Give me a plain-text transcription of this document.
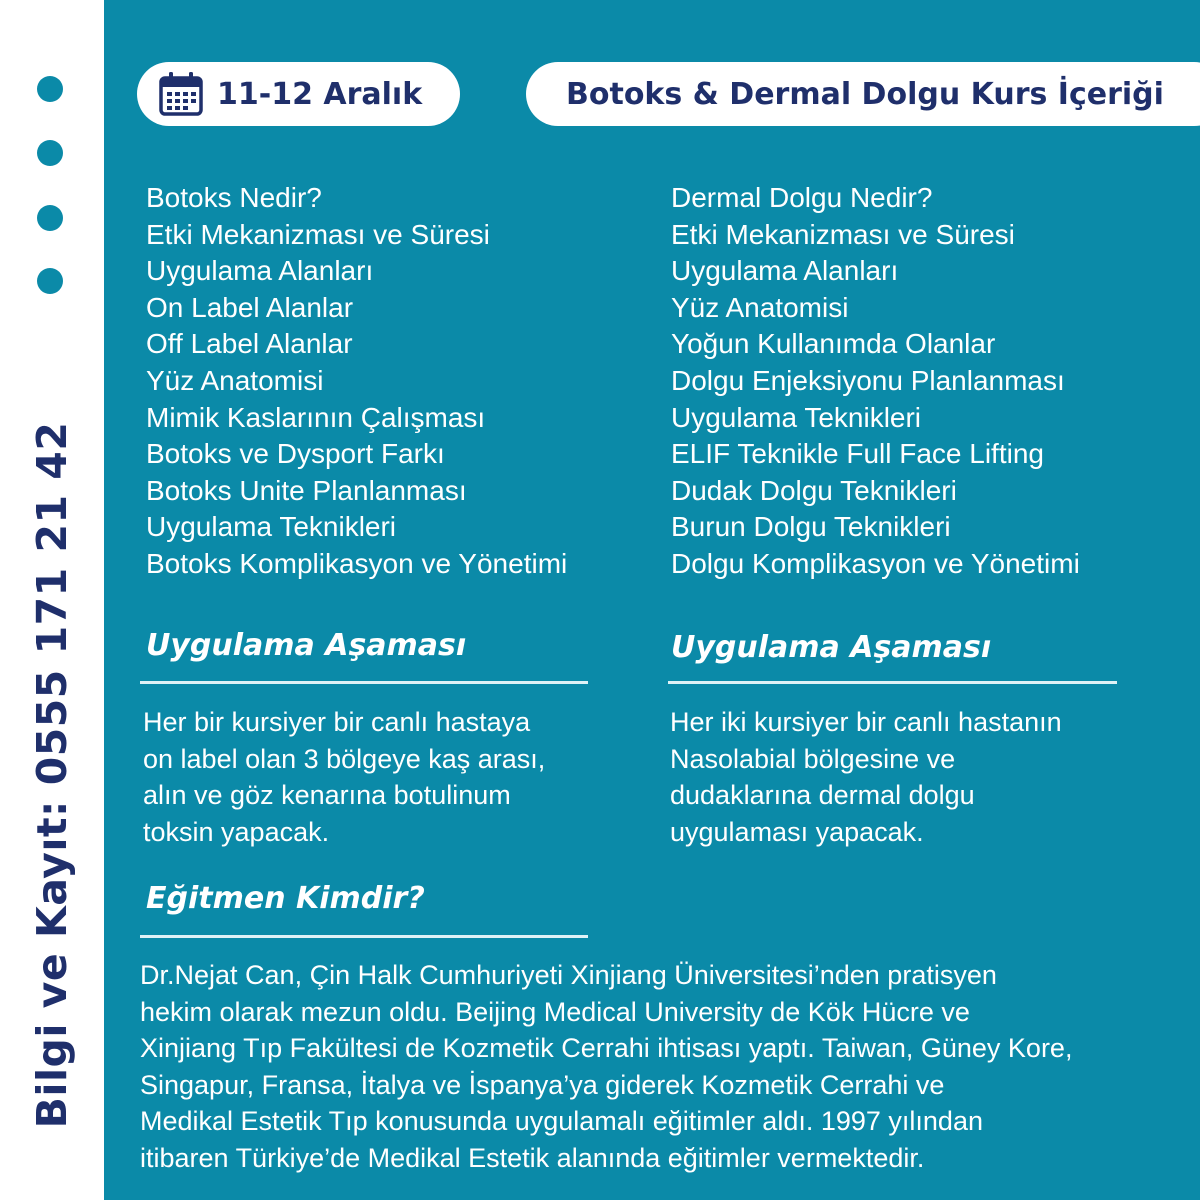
Bilgi ve Kayıt: 0555 171 21 42
11-12 Aralık	Botoks & Dermal Dolgu Kurs İçeriği
Botoks Nedir?
Etki Mekanizması ve Süresi
Uygulama Alanları
On Label Alanlar
Off Label Alanlar
Yüz Anatomisi
Mimik Kaslarının Çalışması
Botoks ve Dysport Farkı
Botoks Unite Planlanması
Uygulama Teknikleri
Botoks Komplikasyon ve Yönetimi
Dermal Dolgu Nedir?
Etki Mekanizması ve Süresi
Uygulama Alanları
Yüz Anatomisi
Yoğun Kullanımda Olanlar
Dolgu Enjeksiyonu Planlanması
Uygulama Teknikleri
ELIF Teknikle Full Face Lifting
Dudak Dolgu Teknikleri
Burun Dolgu Teknikleri
Dolgu Komplikasyon ve Yönetimi
Uygulama Aşaması
Her bir kursiyer bir canlı hastaya
on label olan 3 bölgeye kaş arası,
alın ve göz kenarına botulinum
toksin yapacak.
Uygulama Aşaması
Her iki kursiyer bir canlı hastanın
Nasolabial bölgesine ve
dudaklarına dermal dolgu
uygulaması yapacak.
Eğitmen Kimdir?
Dr.Nejat Can, Çin Halk Cumhuriyeti Xinjiang Üniversitesi’nden pratisyen
hekim olarak mezun oldu. Beijing Medical University de Kök Hücre ve
Xinjiang Tıp Fakültesi de Kozmetik Cerrahi ihtisası yaptı. Taiwan, Güney Kore,
Singapur, Fransa, İtalya ve İspanya’ya giderek Kozmetik Cerrahi ve
Medikal Estetik Tıp konusunda uygulamalı eğitimler aldı. 1997 yılından
itibaren Türkiye’de Medikal Estetik alanında eğitimler vermektedir.
